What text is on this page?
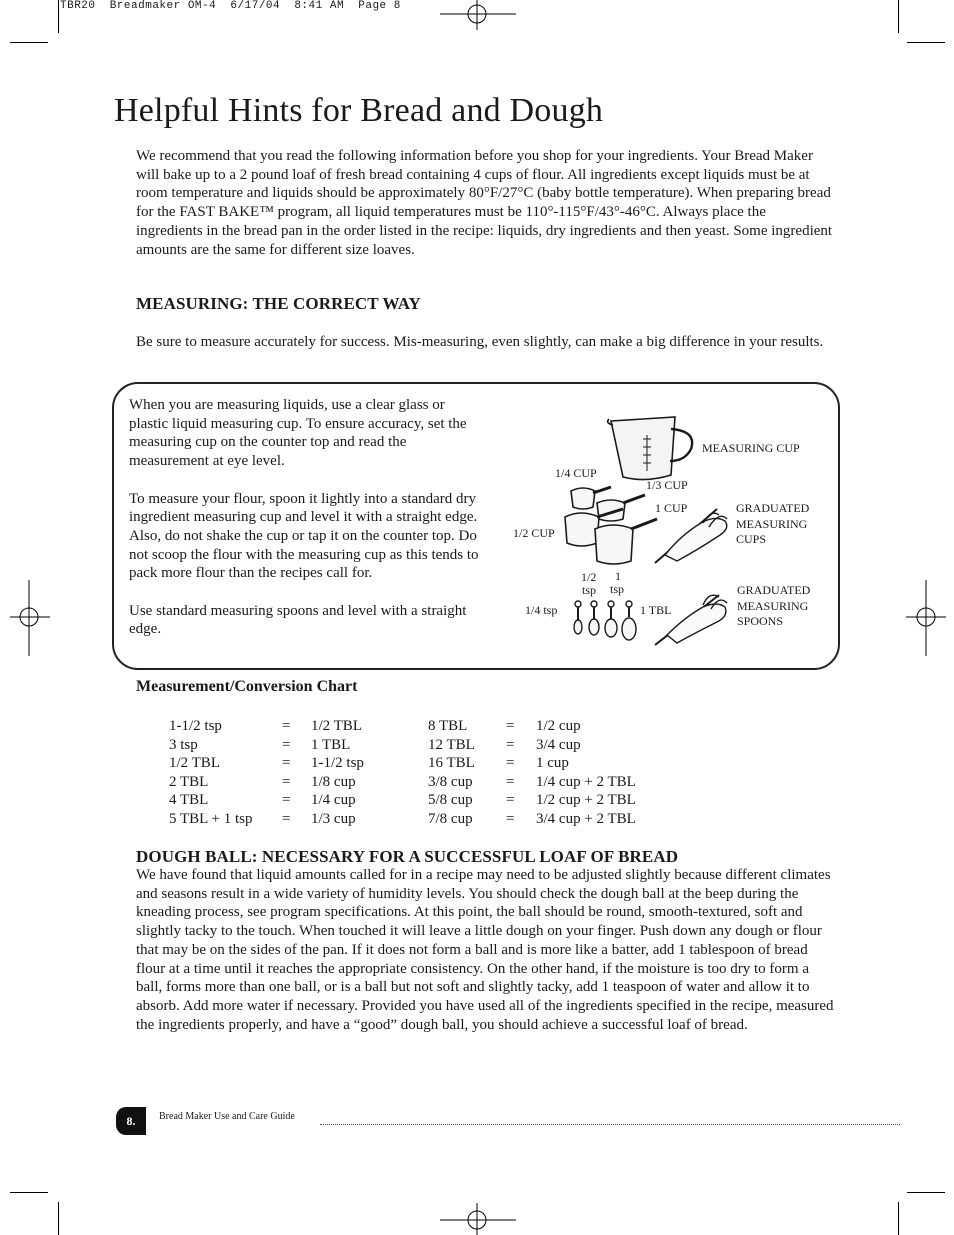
TBR20  Breadmaker OM-4  6/17/04  8:41 AM  Page 8
Helpful Hints for Bread and Dough

We recommend that you read the following information before you shop for your ingredients. Your Bread Maker will bake up to a 2 pound loaf of fresh bread containing 4 cups of flour. All ingredients except liquids must be at room temperature and liquids should be approximately 80°F/27°C (baby bottle temperature). When preparing bread for the FAST BAKE™ program, all liquid temperatures must be 110°-115°F/43°-46°C. Always place the ingredients in the bread pan in the order listed in the recipe: liquids, dry ingredients and then yeast. Some ingredient amounts are the same for different size loaves.

MEASURING: THE CORRECT WAY

Be sure to measure accurately for success. Mis-measuring, even slightly, can make a big difference in your results.

When you are measuring liquids, use a clear glass or plastic liquid measuring cup. To ensure accuracy, set the measuring cup on the counter top and read the measurement at eye level.

To measure your flour, spoon it lightly into a standard dry ingredient measuring cup and level it with a straight edge. Also, do not shake the cup or tap it on the counter top. Do not scoop the flour with the measuring cup as this tends to pack more flour than the recipes call for.

Use standard measuring spoons and level with a straight edge.

MEASURING CUP
1/4 CUP
1/3 CUP
1 CUP
1/2 CUP
GRADUATED
MEASURING
CUPS
1/2
tsp
1
tsp
1/4 tsp	1 TBL
GRADUATED
MEASURING
SPOONS
Measurement/Conversion Chart
1-1/2 tsp	= 1/2 TBL	8 TBL	= 1/2 cup
3 tsp	= 1 TBL	12 TBL = 3/4 cup
1/2 TBL	= 1-1/2 tsp	16 TBL = 1 cup
2 TBL	= 1/8 cup	3/8 cup = 1/4 cup + 2 TBL
4 TBL	= 1/4 cup	5/8 cup = 1/2 cup + 2 TBL
5 TBL + 1 tsp = 1/3 cup	7/8 cup = 3/4 cup + 2 TBL
DOUGH BALL: NECESSARY FOR A SUCCESSFUL LOAF OF BREAD

We have found that liquid amounts called for in a recipe may need to be adjusted slightly because different climates and seasons result in a wide variety of humidity levels. You should check the dough ball at the beep during the kneading process, see program specifications. At this point, the ball should be round, smooth-textured, soft and slightly tacky to the touch. When touched it will leave a little dough on your finger. Push down any dough or flour that may be on the sides of the pan. If it does not form a ball and is more like a batter, add 1 tablespoon of bread flour at a time until it reaches the appropriate consistency. On the other hand, if the moisture is too dry to form a ball, forms more than one ball, or is a ball but not soft and slightly tacky, add 1 teaspoon of water and allow it to absorb. Add more water if necessary. Provided you have used all of the ingredients specified in the recipe, measured the ingredients properly, and have a “good” dough ball, you should achieve a successful loaf of bread.

8.	Bread Maker Use and Care Guide
